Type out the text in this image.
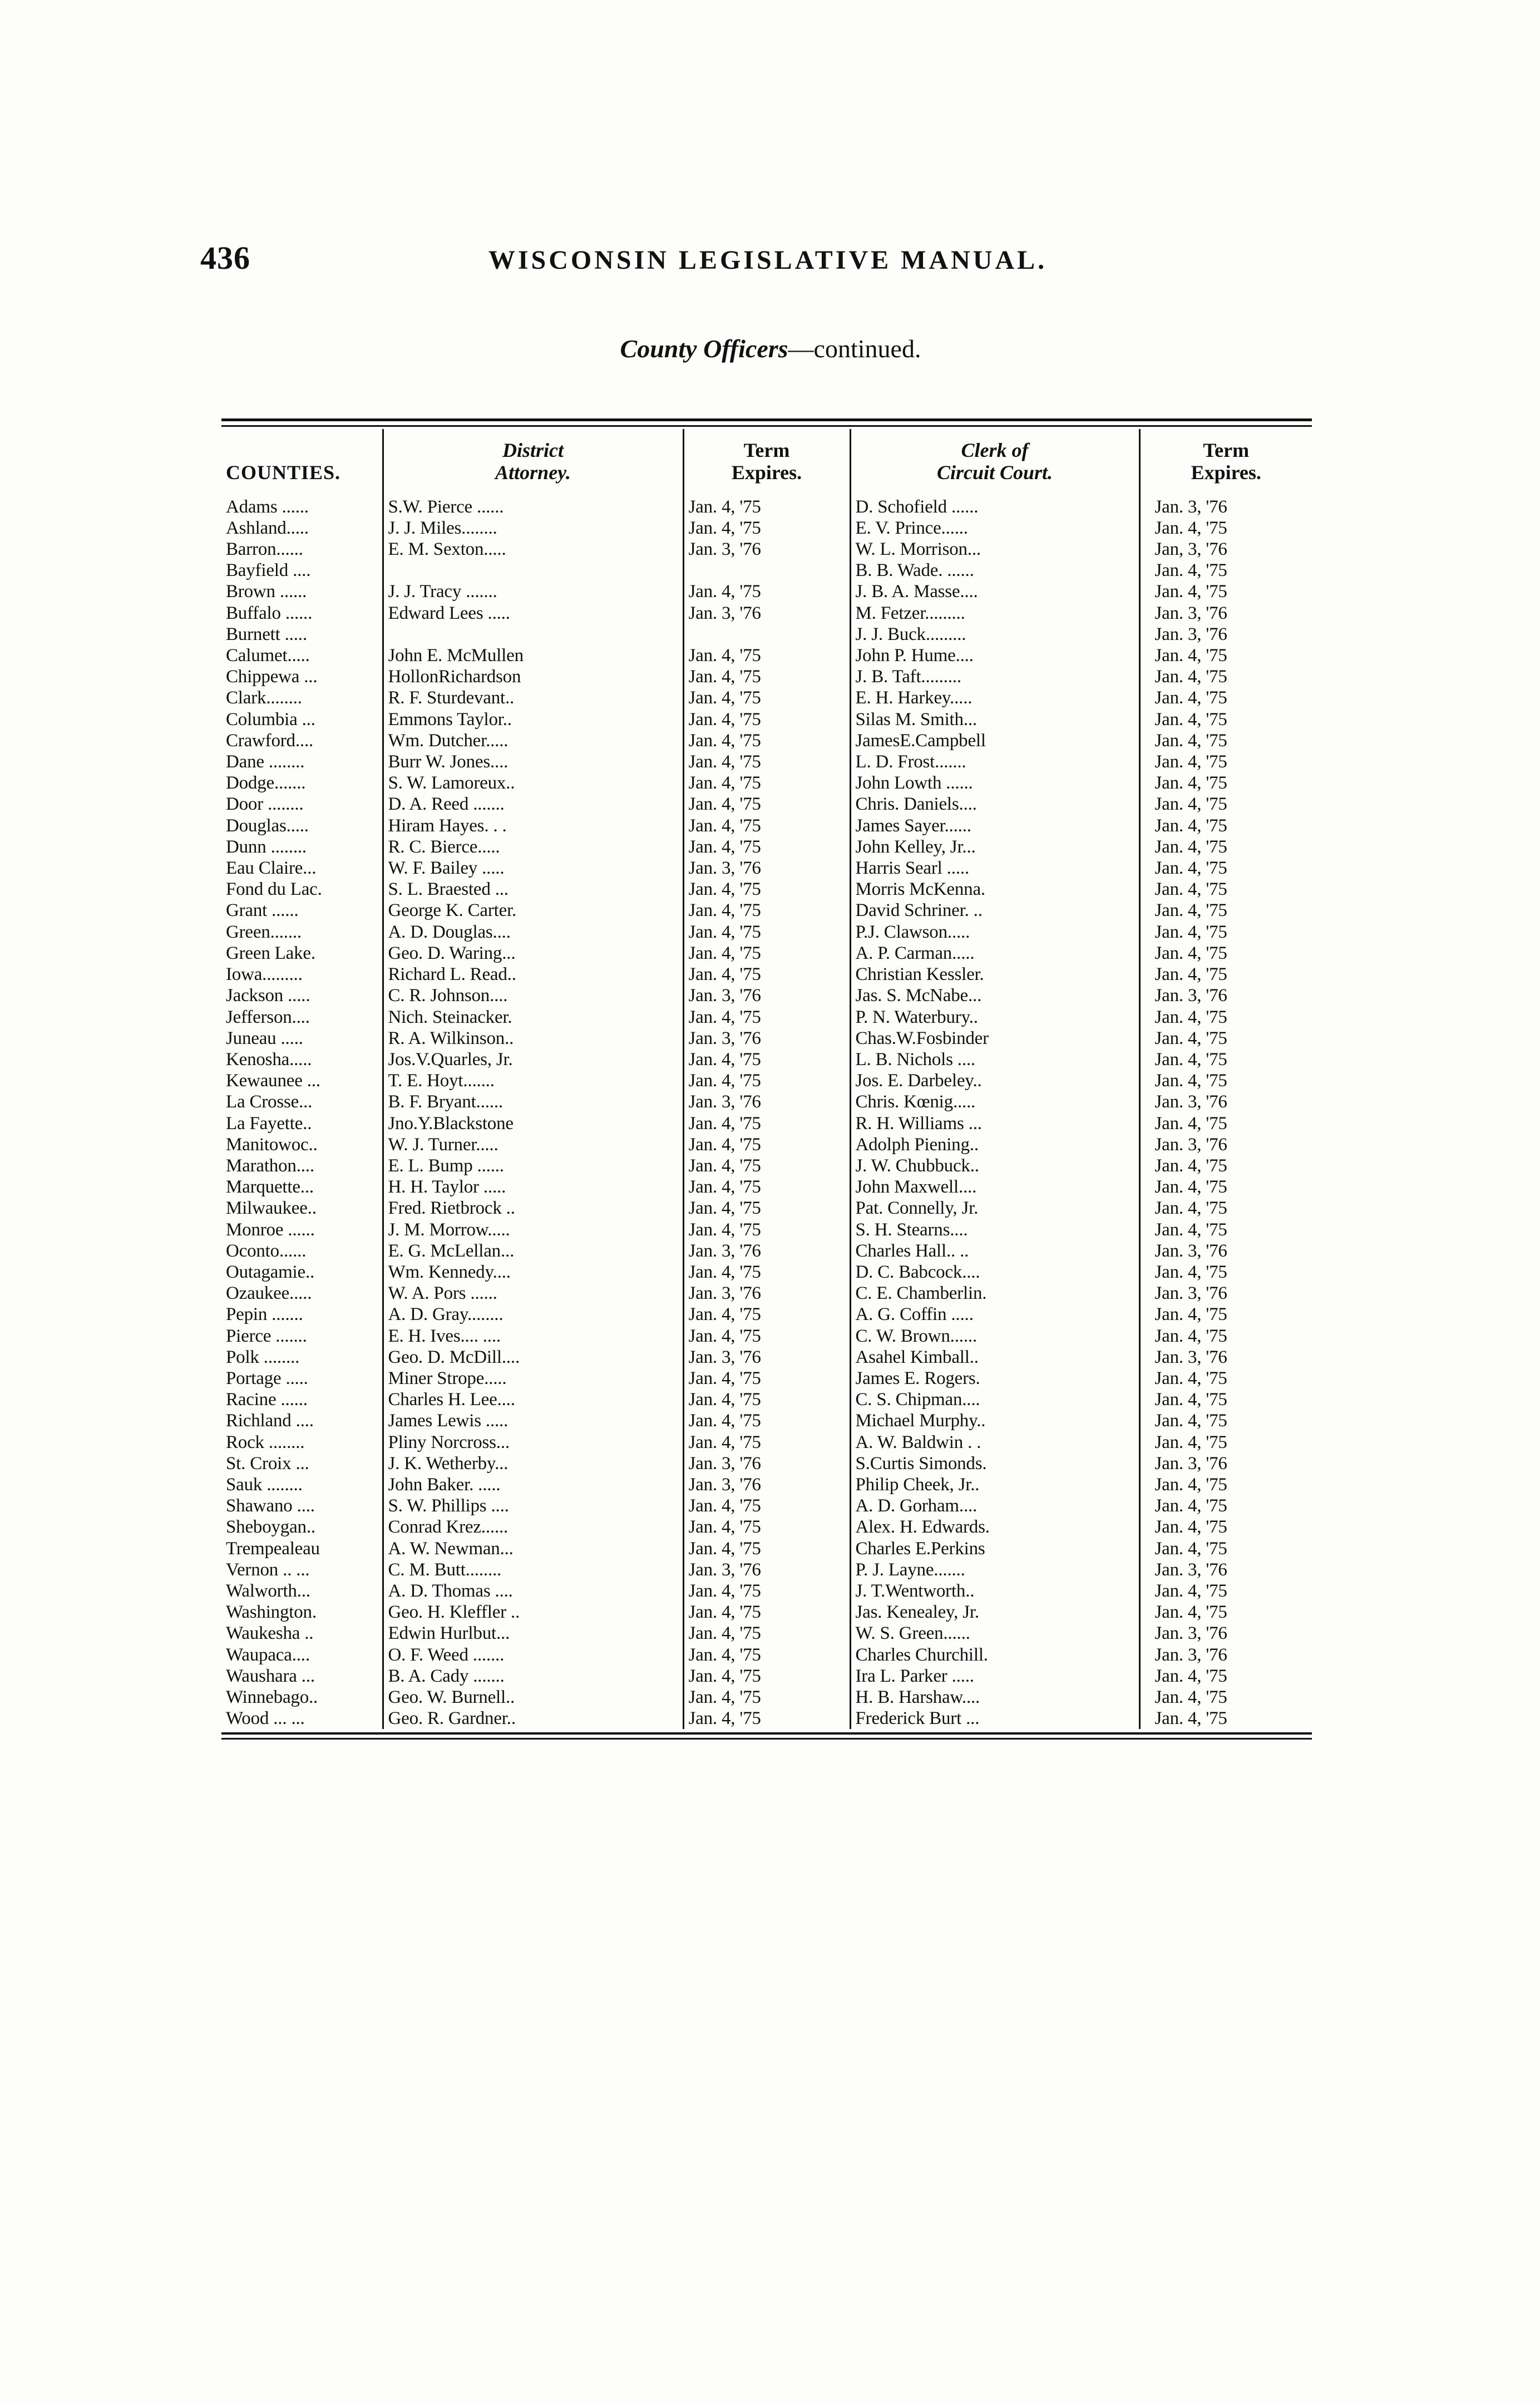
436	WISCONSIN LEGISLATIVE MANUAL.
County Officers—continued.
COUNTIES.	
District
Attorney.

Term
Expires.

Clerk of
Circuit Court.

Term
Expires.

Adams ......	S.W. Pierce ......	Jan. 4, '75	D. Schofield ......	Jan. 3, '76
Ashland.....	J. J. Miles........	Jan. 4, '75	E. V. Prince......	Jan. 4, '75
Barron......	E. M. Sexton.....	Jan. 3, '76	W. L. Morrison...	Jan, 3, '76
Bayfield ....			B. B. Wade. ......	Jan. 4, '75
Brown ......	J. J. Tracy .......	Jan. 4, '75	J. B. A. Masse....	Jan. 4, '75
Buffalo ......	Edward Lees .....	Jan. 3, '76	M. Fetzer.........	Jan. 3, '76
Burnett .....			J. J. Buck.........	Jan. 3, '76
Calumet.....	John E. McMullen	Jan. 4, '75	John P. Hume....	Jan. 4, '75
Chippewa ...	HollonRichardson	Jan. 4, '75	J. B. Taft.........	Jan. 4, '75
Clark........	R. F. Sturdevant..	Jan. 4, '75	E. H. Harkey.....	Jan. 4, '75
Columbia ...	Emmons Taylor..	Jan. 4, '75	Silas M. Smith...	Jan. 4, '75
Crawford....	Wm. Dutcher.....	Jan. 4, '75	JamesE.Campbell	Jan. 4, '75
Dane ........	Burr W. Jones....	Jan. 4, '75	L. D. Frost.......	Jan. 4, '75
Dodge.......	S. W. Lamoreux..	Jan. 4, '75	John Lowth ......	Jan. 4, '75
Door ........	D. A. Reed .......	Jan. 4, '75	Chris. Daniels....	Jan. 4, '75
Douglas.....	Hiram Hayes. . .	Jan. 4, '75	James Sayer......	Jan. 4, '75
Dunn ........	R. C. Bierce.....	Jan. 4, '75	John Kelley, Jr...	Jan. 4, '75
Eau Claire...	W. F. Bailey .....	Jan. 3, '76	Harris Searl .....	Jan. 4, '75
Fond du Lac.	S. L. Braested ...	Jan. 4, '75	Morris McKenna.	Jan. 4, '75
Grant ......	George K. Carter.	Jan. 4, '75	David Schriner. ..	Jan. 4, '75
Green.......	A. D. Douglas....	Jan. 4, '75	P.J. Clawson.....	Jan. 4, '75
Green Lake.	Geo. D. Waring...	Jan. 4, '75	A. P. Carman.....	Jan. 4, '75
Iowa.........	Richard L. Read..	Jan. 4, '75	Christian Kessler.	Jan. 4, '75
Jackson .....	C. R. Johnson....	Jan. 3, '76	Jas. S. McNabe...	Jan. 3, '76
Jefferson....	Nich. Steinacker.	Jan. 4, '75	P. N. Waterbury..	Jan. 4, '75
Juneau .....	R. A. Wilkinson..	Jan. 3, '76	Chas.W.Fosbinder	Jan. 4, '75
Kenosha.....	Jos.V.Quarles, Jr.	Jan. 4, '75	L. B. Nichols ....	Jan. 4, '75
Kewaunee ...	T. E. Hoyt.......	Jan. 4, '75	Jos. E. Darbeley..	Jan. 4, '75
La Crosse...	B. F. Bryant......	Jan. 3, '76	Chris. Kœnig.....	Jan. 3, '76
La Fayette..	Jno.Y.Blackstone	Jan. 4, '75	R. H. Williams ...	Jan. 4, '75
Manitowoc..	W. J. Turner.....	Jan. 4, '75	Adolph Piening..	Jan. 3, '76
Marathon....	E. L. Bump ......	Jan. 4, '75	J. W. Chubbuck..	Jan. 4, '75
Marquette...	H. H. Taylor .....	Jan. 4, '75	John Maxwell....	Jan. 4, '75
Milwaukee..	Fred. Rietbrock ..	Jan. 4, '75	Pat. Connelly, Jr.	Jan. 4, '75
Monroe ......	J. M. Morrow.....	Jan. 4, '75	S. H. Stearns....	Jan. 4, '75
Oconto......	E. G. McLellan...	Jan. 3, '76	Charles Hall.. ..	Jan. 3, '76
Outagamie..	Wm. Kennedy....	Jan. 4, '75	D. C. Babcock....	Jan. 4, '75
Ozaukee.....	W. A. Pors ......	Jan. 3, '76	C. E. Chamberlin.	Jan. 3, '76
Pepin .......	A. D. Gray........	Jan. 4, '75	A. G. Coffin .....	Jan. 4, '75
Pierce .......	E. H. Ives.... ....	Jan. 4, '75	C. W. Brown......	Jan. 4, '75
Polk ........	Geo. D. McDill....	Jan. 3, '76	Asahel Kimball..	Jan. 3, '76
Portage .....	Miner Strope.....	Jan. 4, '75	James E. Rogers.	Jan. 4, '75
Racine ......	Charles H. Lee....	Jan. 4, '75	C. S. Chipman....	Jan. 4, '75
Richland ....	James Lewis .....	Jan. 4, '75	Michael Murphy..	Jan. 4, '75
Rock ........	Pliny Norcross...	Jan. 4, '75	A. W. Baldwin . .	Jan. 4, '75
St. Croix ...	J. K. Wetherby...	Jan. 3, '76	S.Curtis Simonds.	Jan. 3, '76
Sauk ........	John Baker. .....	Jan. 3, '76	Philip Cheek, Jr..	Jan. 4, '75
Shawano ....	S. W. Phillips ....	Jan. 4, '75	A. D. Gorham....	Jan. 4, '75
Sheboygan..	Conrad Krez......	Jan. 4, '75	Alex. H. Edwards.	Jan. 4, '75
Trempealeau	A. W. Newman...	Jan. 4, '75	Charles E.Perkins	Jan. 4, '75
Vernon .. ...	C. M. Butt........	Jan. 3, '76	P. J. Layne.......	Jan. 3, '76
Walworth...	A. D. Thomas ....	Jan. 4, '75	J. T.Wentworth..	Jan. 4, '75
Washington.	Geo. H. Kleffler ..	Jan. 4, '75	Jas. Kenealey, Jr.	Jan. 4, '75
Waukesha ..	Edwin Hurlbut...	Jan. 4, '75	W. S. Green......	Jan. 3, '76
Waupaca....	O. F. Weed .......	Jan. 4, '75	Charles Churchill.	Jan. 3, '76
Waushara ...	B. A. Cady .......	Jan. 4, '75	Ira L. Parker .....	Jan. 4, '75
Winnebago..	Geo. W. Burnell..	Jan. 4, '75	H. B. Harshaw....	Jan. 4, '75
Wood ... ...	Geo. R. Gardner..	Jan. 4, '75	Frederick Burt ...	Jan. 4, '75
